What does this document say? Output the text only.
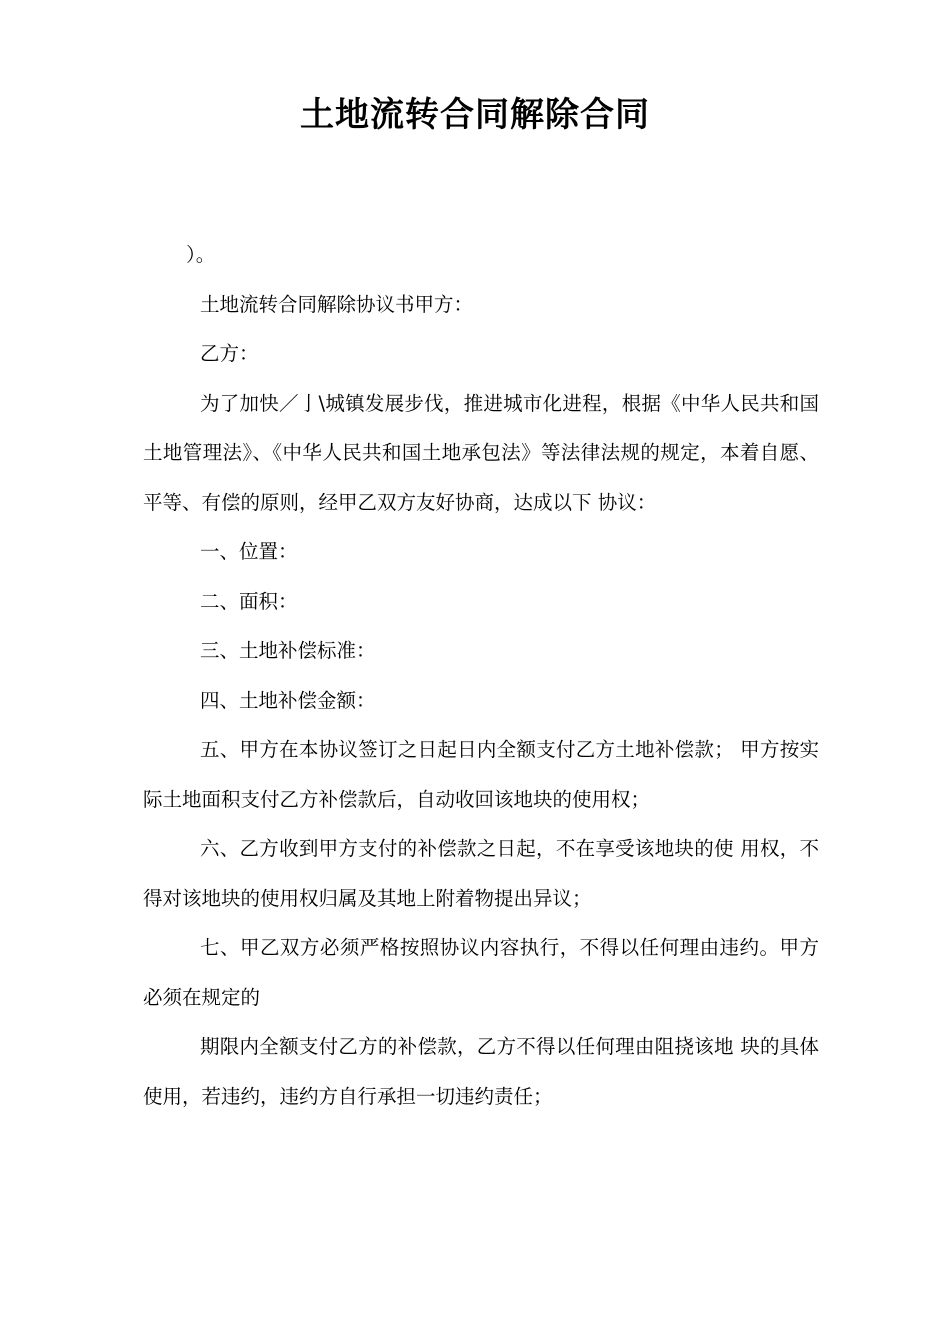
土地流转合同解除合同

）。

土地流转合同解除协议书甲方：

乙方：

为了加快／亅\城镇发展步伐，推进城市化进程，根据《中华人民共和国土地管理法》、《中华人民共和国土地承包法》等法律法规的规定，本着自愿、平等、有偿的原则，经甲乙双方友好协商，达成以下 协议：

一、位置：

二、面积：

三、土地补偿标准：

四、土地补偿金额：

五、甲方在本协议签订之日起日内全额支付乙方土地补偿款； 甲方按实际土地面积支付乙方补偿款后，自动收回该地块的使用权；

六、乙方收到甲方支付的补偿款之日起，不在享受该地块的使 用权，不得对该地块的使用权归属及其地上附着物提出异议；

七、甲乙双方必须严格按照协议内容执行，不得以任何理由违约。甲方必须在规定的

期限内全额支付乙方的补偿款，乙方不得以任何理由阻挠该地 块的具体使用，若违约，违约方自行承担一切违约责任；
